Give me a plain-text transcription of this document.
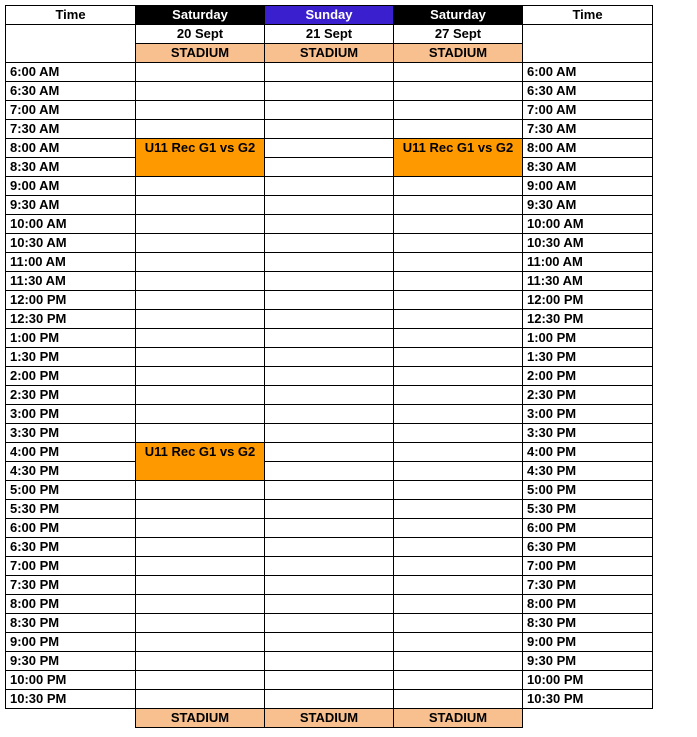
Time	Saturday	Sunday	Saturday	Time
	20 Sept	21 Sept	27 Sept	
	STADIUM	STADIUM	STADIUM	
6:00 AM				6:00 AM
6:30 AM				6:30 AM
7:00 AM				7:00 AM
7:30 AM				7:30 AM
8:00 AM	U11 Rec G1 vs G2		U11 Rec G1 vs G2	8:00 AM
8:30 AM				8:30 AM
9:00 AM				9:00 AM
9:30 AM				9:30 AM
10:00 AM				10:00 AM
10:30 AM				10:30 AM
11:00 AM				11:00 AM
11:30 AM				11:30 AM
12:00 PM				12:00 PM
12:30 PM				12:30 PM
1:00 PM				1:00 PM
1:30 PM				1:30 PM
2:00 PM				2:00 PM
2:30 PM				2:30 PM
3:00 PM				3:00 PM
3:30 PM				3:30 PM
4:00 PM	U11 Rec G1 vs G2			4:00 PM
4:30 PM				4:30 PM
5:00 PM				5:00 PM
5:30 PM				5:30 PM
6:00 PM				6:00 PM
6:30 PM				6:30 PM
7:00 PM				7:00 PM
7:30 PM				7:30 PM
8:00 PM				8:00 PM
8:30 PM				8:30 PM
9:00 PM				9:00 PM
9:30 PM				9:30 PM
10:00 PM				10:00 PM
10:30 PM				10:30 PM
	STADIUM	STADIUM	STADIUM	
